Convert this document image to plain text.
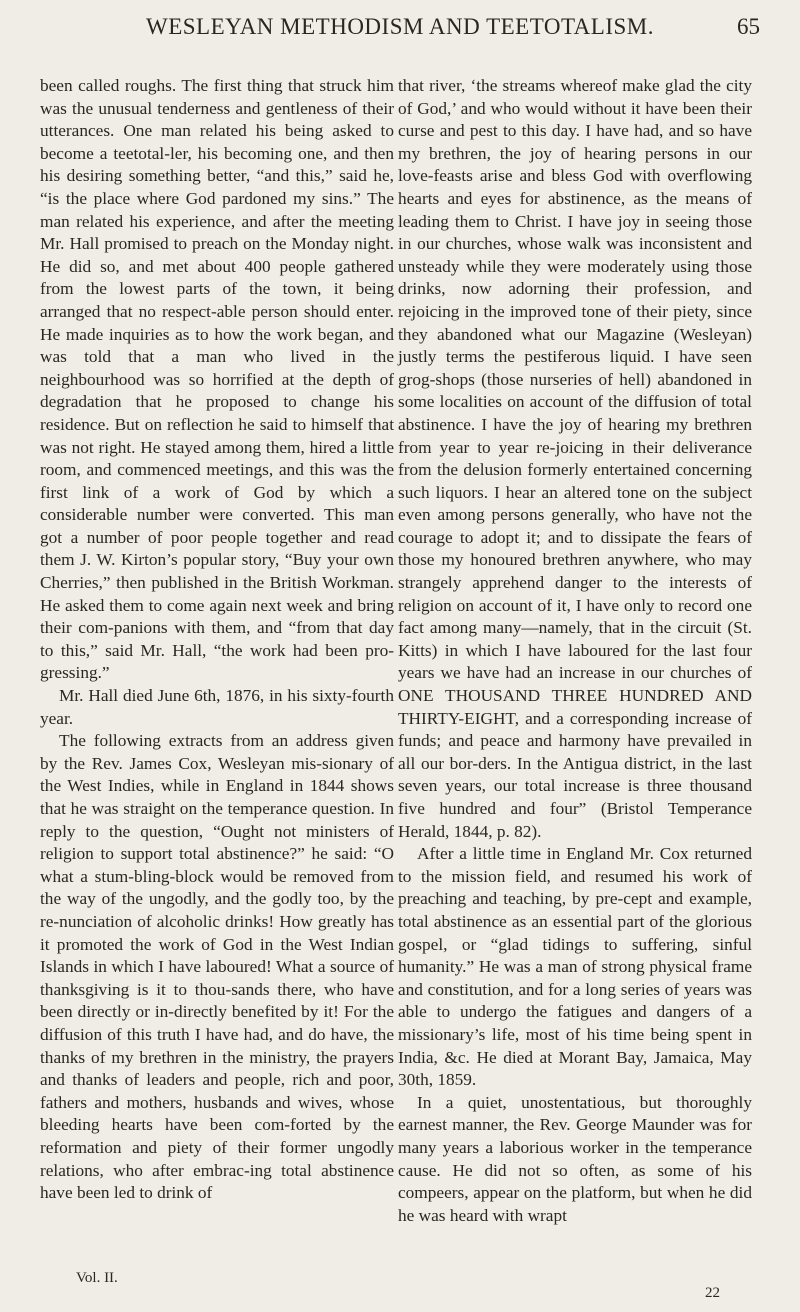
WESLEYAN METHODISM AND TEETOTALISM.	65

been called roughs. The first thing that struck him was the unusual tenderness and gentleness of their utterances. One man related his being asked to become a teetotal-ler, his becoming one, and then his desiring something better, “and this,” said he, “is the place where God pardoned my sins.” The man related his experience, and after the meeting Mr. Hall promised to preach on the Monday night. He did so, and met about 400 people gathered from the lowest parts of the town, it being arranged that no respect-able person should enter. He made inquiries as to how the work began, and was told that a man who lived in the neighbourhood was so horrified at the depth of degradation that he proposed to change his residence. But on reflection he said to himself that was not right. He stayed among them, hired a little room, and commenced meetings, and this was the first link of a work of God by which a considerable number were converted. This man got a number of poor people together and read them J. W. Kirton’s popular story, “Buy your own Cherries,” then published in the British Workman. He asked them to come again next week and bring their com-panions with them, and “from that day to this,” said Mr. Hall, “the work had been pro-gressing.”

Mr. Hall died June 6th, 1876, in his sixty-fourth year.

The following extracts from an address given by the Rev. James Cox, Wesleyan mis-sionary of the West Indies, while in England in 1844 shows that he was straight on the temperance question. In reply to the question, “Ought not ministers of religion to support total abstinence?” he said: “O what a stum-bling-block would be removed from the way of the ungodly, and the godly too, by the re-nunciation of alcoholic drinks! How greatly has it promoted the work of God in the West Indian Islands in which I have laboured! What a source of thanksgiving is it to thou-sands there, who have been directly or in-directly benefited by it! For the diffusion of this truth I have had, and do have, the thanks of my brethren in the ministry, the prayers and thanks of leaders and people, rich and poor, fathers and mothers, husbands and wives, whose bleeding hearts have been com-forted by the reformation and piety of their former ungodly relations, who after embrac-ing total abstinence have been led to drink of

that river, ‘the streams whereof make glad the city of God,’ and who would without it have been their curse and pest to this day. I have had, and so have my brethren, the joy of hearing persons in our love-feasts arise and bless God with overflowing hearts and eyes for abstinence, as the means of leading them to Christ. I have joy in seeing those in our churches, whose walk was inconsistent and unsteady while they were moderately using those drinks, now adorning their profession, and rejoicing in the improved tone of their piety, since they abandoned what our Magazine (Wesleyan) justly terms the pestiferous liquid. I have seen grog-shops (those nurseries of hell) abandoned in some localities on account of the diffusion of total abstinence. I have the joy of hearing my brethren from year to year re-joicing in their deliverance from the delusion formerly entertained concerning such liquors. I hear an altered tone on the subject even among persons generally, who have not the courage to adopt it; and to dissipate the fears of those my honoured brethren anywhere, who may strangely apprehend danger to the interests of religion on account of it, I have only to record one fact among many—namely, that in the circuit (St. Kitts) in which I have laboured for the last four years we have had an increase in our churches of ONE THOUSAND THREE HUNDRED AND THIRTY-EIGHT, and a corresponding increase of funds; and peace and harmony have prevailed in all our bor-ders. In the Antigua district, in the last seven years, our total increase is three thousand five hundred and four” (Bristol Temperance Herald, 1844, p. 82).

After a little time in England Mr. Cox returned to the mission field, and resumed his work of preaching and teaching, by pre-cept and example, total abstinence as an essential part of the glorious gospel, or “glad tidings to suffering, sinful humanity.” He was a man of strong physical frame and constitution, and for a long series of years was able to undergo the fatigues and dangers of a missionary’s life, most of his time being spent in India, &c. He died at Morant Bay, Jamaica, May 30th, 1859.

In a quiet, unostentatious, but thoroughly earnest manner, the Rev. George Maunder was for many years a laborious worker in the temperance cause. He did not so often, as some of his compeers, appear on the platform, but when he did he was heard with wrapt

Vol. II.
22
